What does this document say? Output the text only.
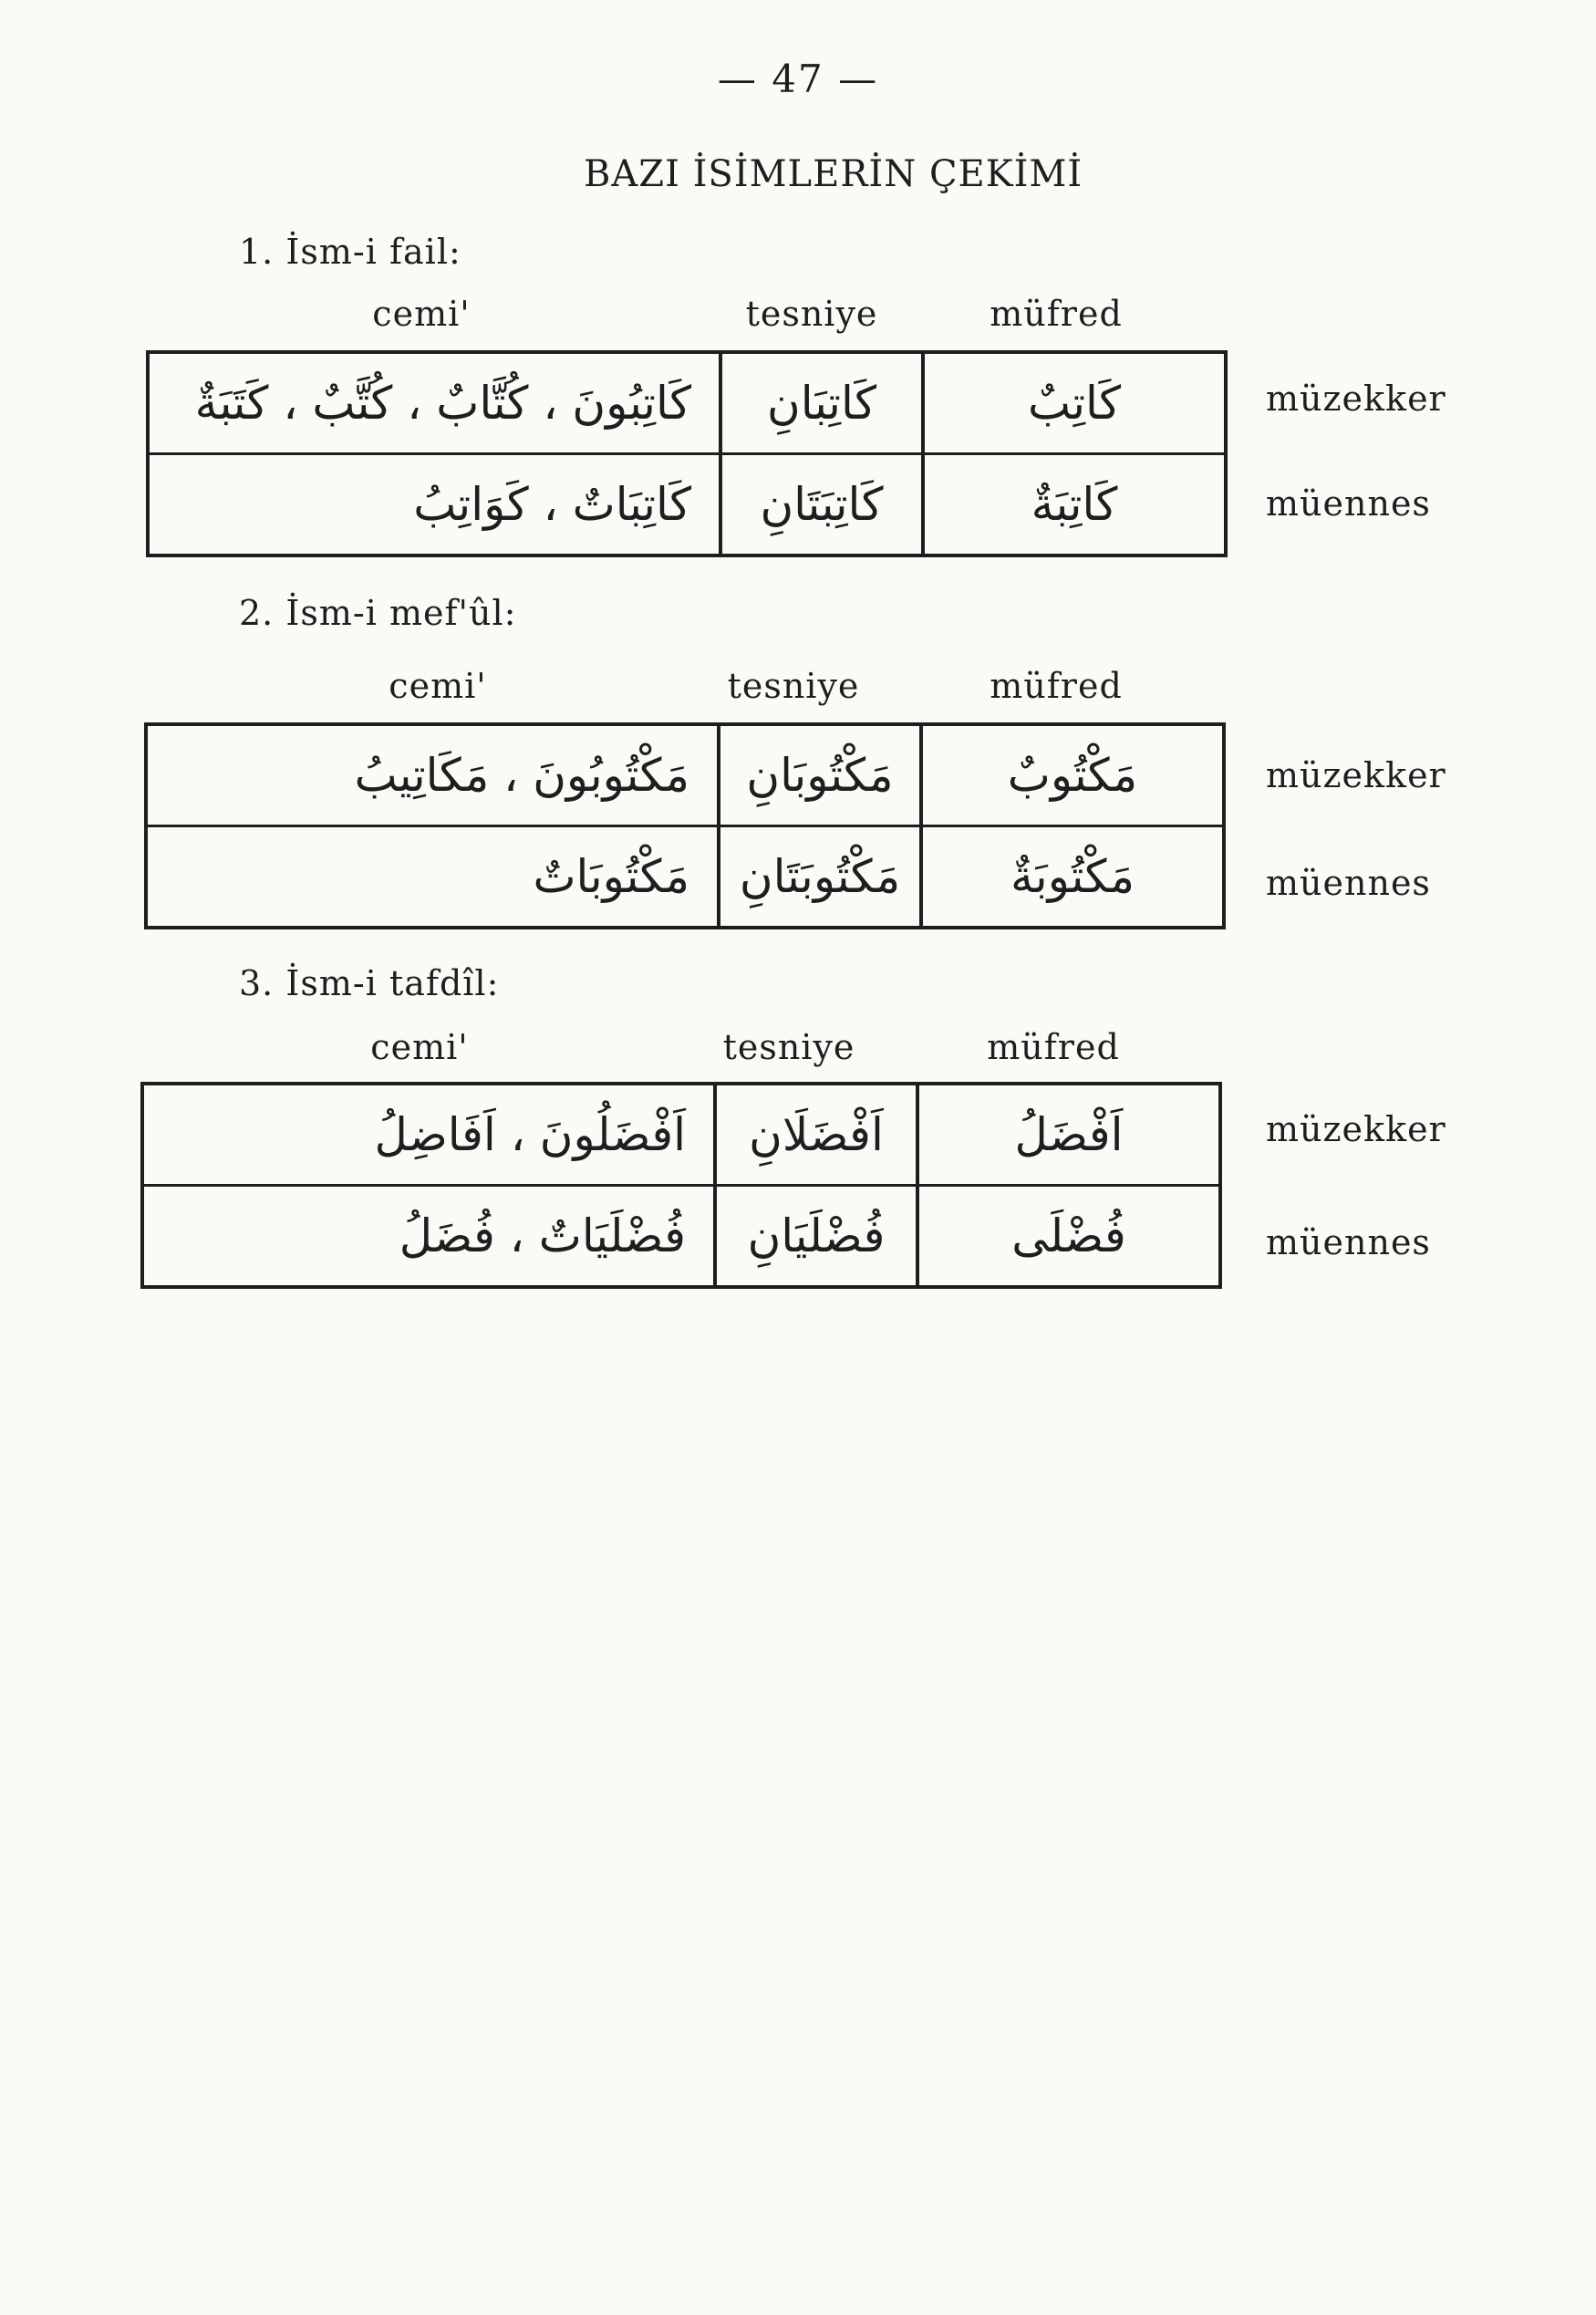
— 47 —
BAZI İSİMLERİN ÇEKİMİ
1. İsm-i fail:
cemi'	tesniye	müfred
كَاتِبُونَ ، كُتَّابٌ ، كُتَّبٌ ، كَتَبَةٌ	كَاتِبَانِ	كَاتِبٌ
كَاتِبَاتٌ ، كَوَاتِبُ	كَاتِبَتَانِ	كَاتِبَةٌ
müzekker
müennes
2. İsm-i mef'ûl:
cemi'	tesniye	müfred
مَكْتُوبُونَ ، مَكَاتِيبُ	مَكْتُوبَانِ	مَكْتُوبٌ
مَكْتُوبَاتٌ	مَكْتُوبَتَانِ	مَكْتُوبَةٌ
müzekker
müennes
3. İsm-i tafdîl:
cemi'	tesniye	müfred
اَفْضَلُونَ ، اَفَاضِلُ	اَفْضَلَانِ	اَفْضَلُ
فُضْلَيَاتٌ ، فُضَلُ	فُضْلَيَانِ	فُضْلَى
müzekker
müennes
